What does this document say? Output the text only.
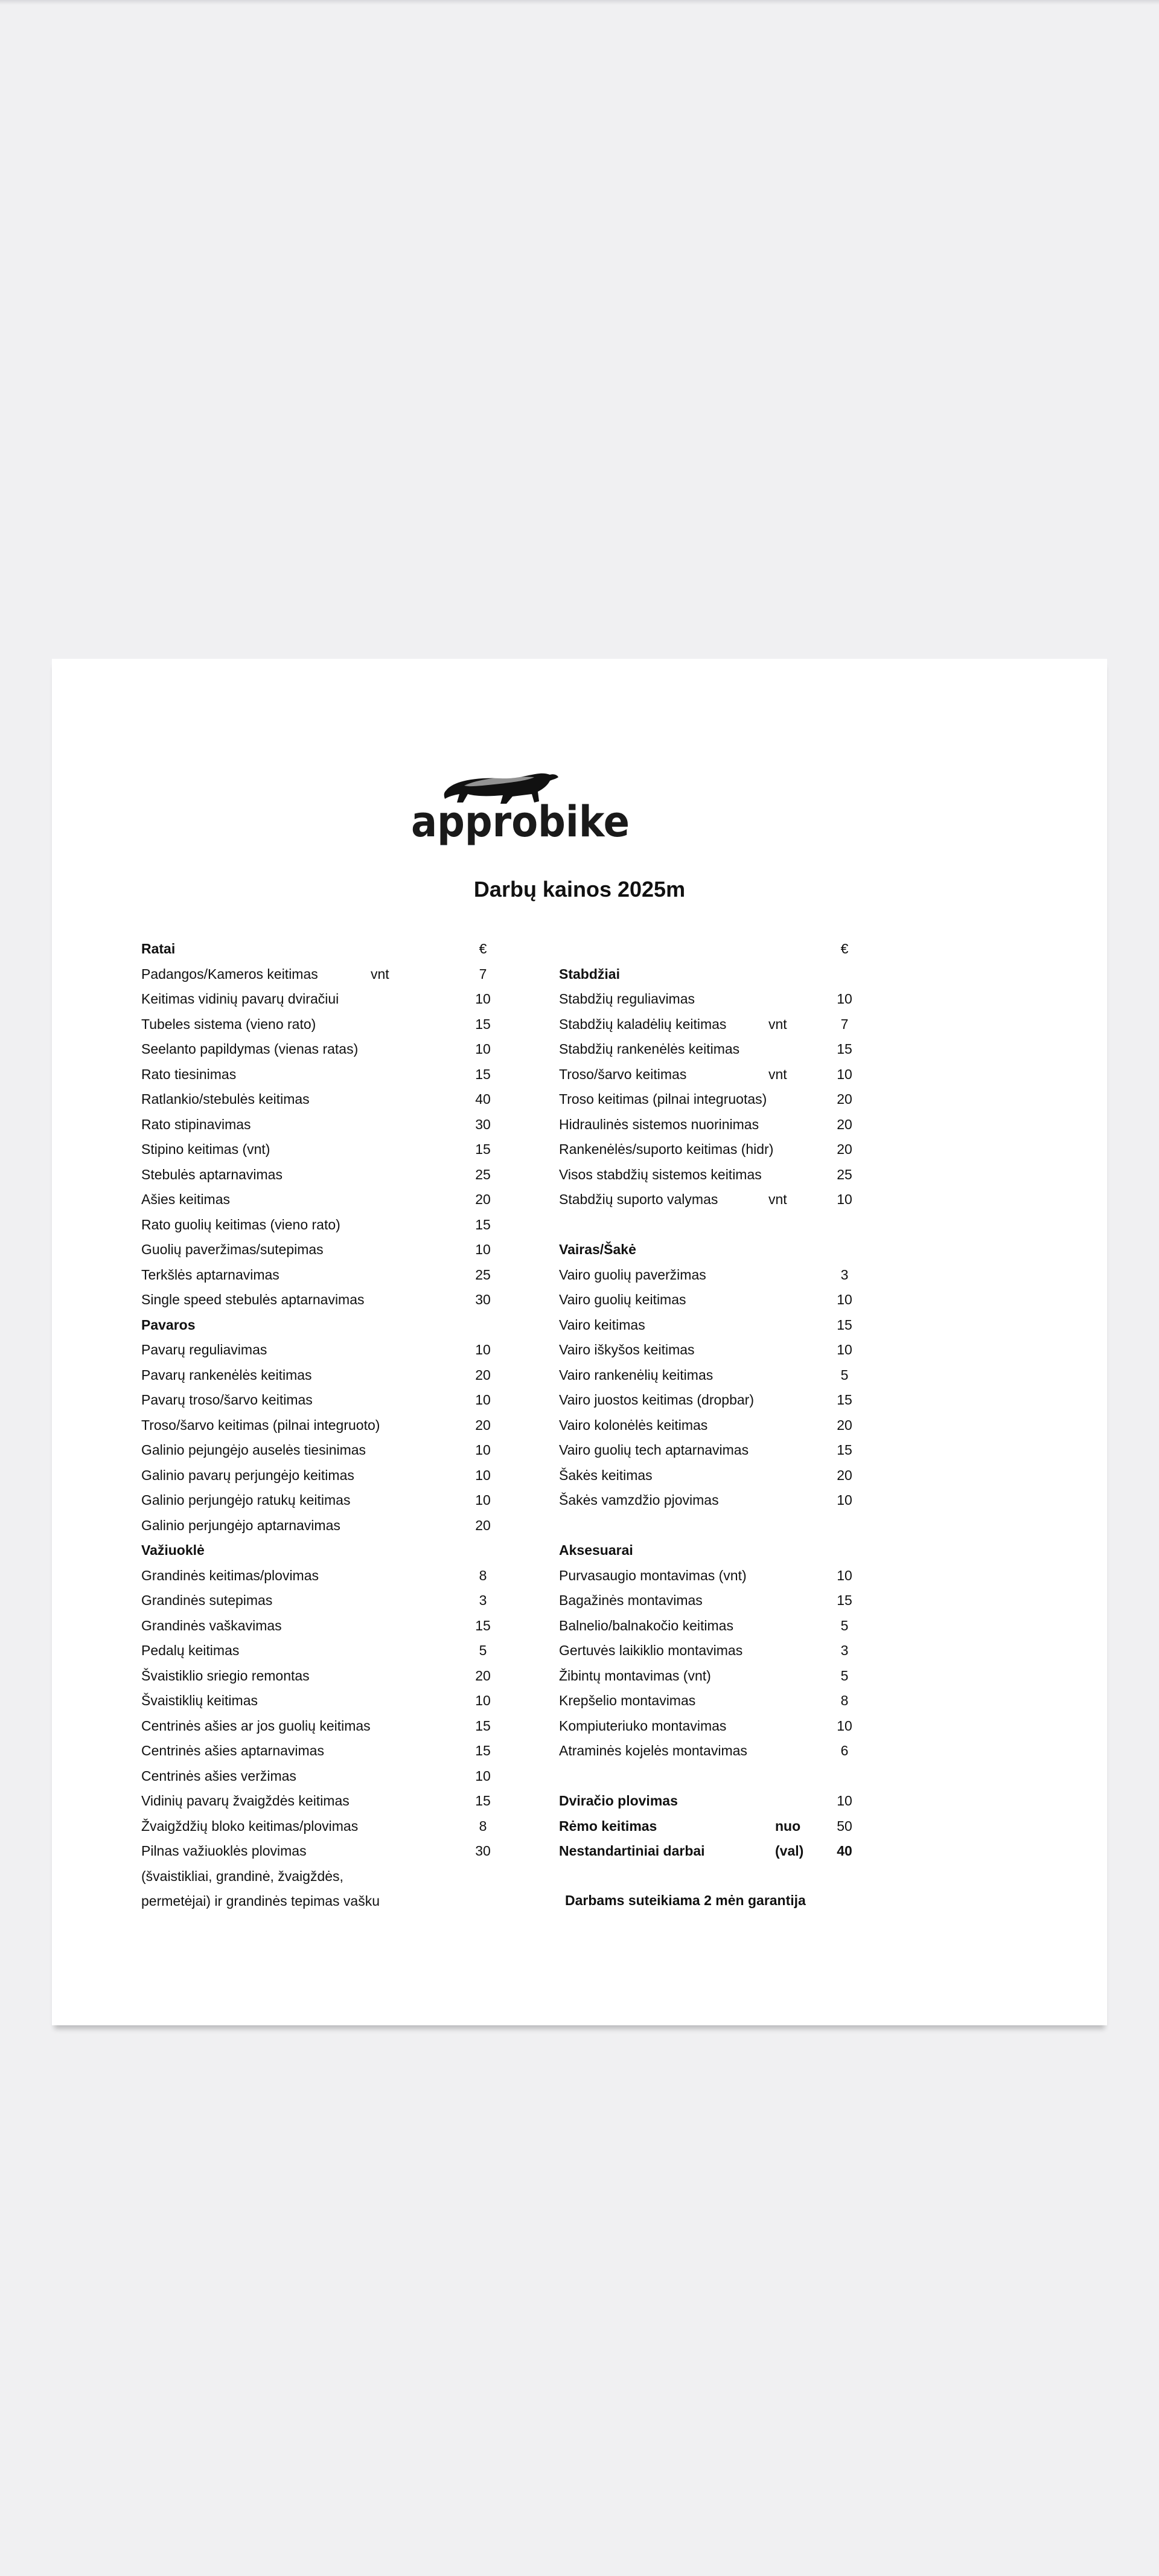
approbike
Darbų kainos 2025m
Ratai	€
Padangos/Kameros keitimas	vnt	7
Keitimas vidinių pavarų dviračiui	10
Tubeles sistema (vieno rato)	15
Seelanto papildymas (vienas ratas)	10
Rato tiesinimas	15
Ratlankio/stebulės keitimas	40
Rato stipinavimas	30
Stipino keitimas (vnt)	15
Stebulės aptarnavimas	25
Ašies keitimas	20
Rato guolių keitimas (vieno rato)	15
Guolių paveržimas/sutepimas	10
Terkšlės aptarnavimas	25
Single speed stebulės aptarnavimas	30
Pavaros
Pavarų reguliavimas	10
Pavarų rankenėlės keitimas	20
Pavarų troso/šarvo keitimas	10
Troso/šarvo keitimas (pilnai integruoto)	20
Galinio pejungėjo auselės tiesinimas	10
Galinio pavarų perjungėjo keitimas	10
Galinio perjungėjo ratukų keitimas	10
Galinio perjungėjo aptarnavimas	20
Važiuoklė
Grandinės keitimas/plovimas	8
Grandinės sutepimas	3
Grandinės vaškavimas	15
Pedalų keitimas	5
Švaistiklio sriegio remontas	20
Švaistiklių keitimas	10
Centrinės ašies ar jos guolių keitimas	15
Centrinės ašies aptarnavimas	15
Centrinės ašies veržimas	10
Vidinių pavarų žvaigždės keitimas	15
Žvaigždžių bloko keitimas/plovimas	8
Pilnas važiuoklės plovimas	30
(švaistikliai, grandinė, žvaigždės,
permetėjai) ir grandinės tepimas vašku
€
Stabdžiai
Stabdžių reguliavimas	10
Stabdžių kaladėlių keitimas	vnt	7
Stabdžių rankenėlės keitimas	15
Troso/šarvo keitimas	vnt	10
Troso keitimas (pilnai integruotas)	20
Hidraulinės sistemos nuorinimas	20
Rankenėlės/suporto keitimas (hidr)	20
Visos stabdžių sistemos keitimas	25
Stabdžių suporto valymas	vnt	10
Vairas/Šakė
Vairo guolių paveržimas	3
Vairo guolių keitimas	10
Vairo keitimas	15
Vairo iškyšos keitimas	10
Vairo rankenėlių keitimas	5
Vairo juostos keitimas (dropbar)	15
Vairo kolonėlės keitimas	20
Vairo guolių tech aptarnavimas	15
Šakės keitimas	20
Šakės vamzdžio pjovimas	10
Aksesuarai
Purvasaugio montavimas (vnt)	10
Bagažinės montavimas	15
Balnelio/balnakočio keitimas	5
Gertuvės laikiklio montavimas	3
Žibintų montavimas (vnt)	5
Krepšelio montavimas	8
Kompiuteriuko montavimas	10
Atraminės kojelės montavimas	6
Dviračio plovimas	10
Rėmo keitimas	nuo	50
Nestandartiniai darbai	(val)	40
Darbams suteikiama 2 mėn garantija
